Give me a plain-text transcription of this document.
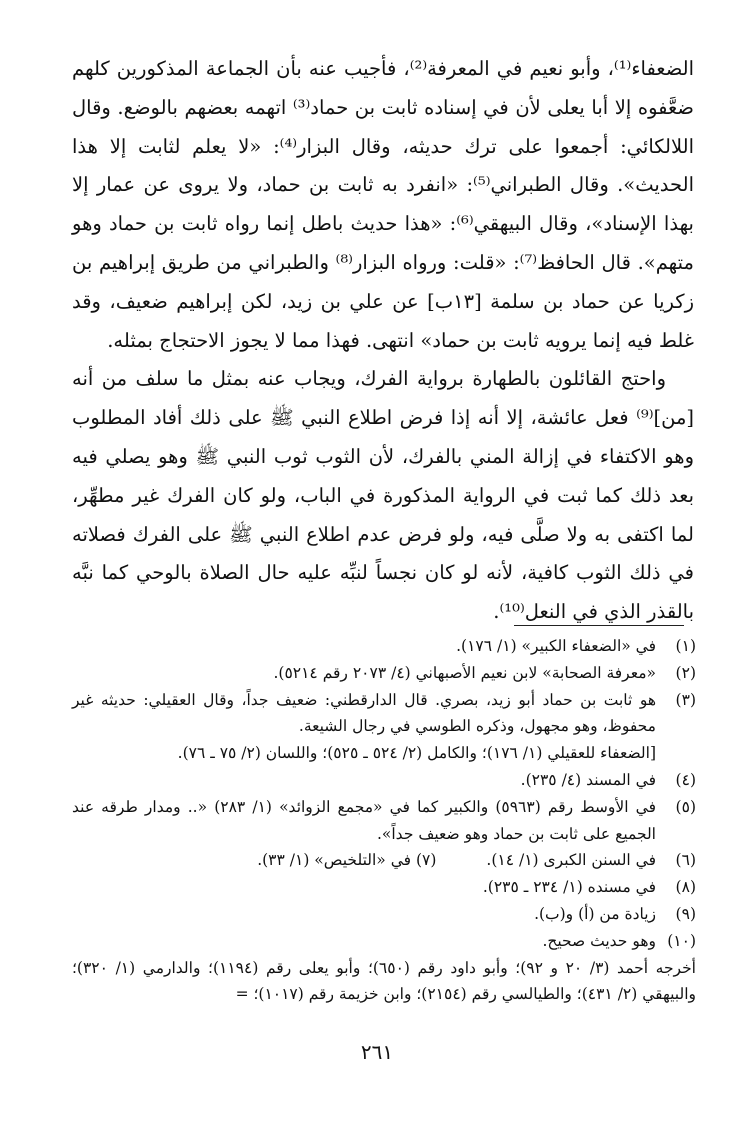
الضعفاء⁽¹⁾، وأبو نعيم في المعرفة⁽²⁾، فأجيب عنه بأن الجماعة المذكورين كلهم ضعَّفوه إلا أبا يعلى لأن في إسناده ثابت بن حماد⁽³⁾ اتهمه بعضهم بالوضع. وقال اللالكائي: أجمعوا على ترك حديثه، وقال البزار⁽⁴⁾: «لا يعلم لثابت إلا هذا الحديث». وقال الطبراني⁽⁵⁾: «انفرد به ثابت بن حماد، ولا يروى عن عمار إلا بهذا الإسناد»، وقال البيهقي⁽⁶⁾: «هذا حديث باطل إنما رواه ثابت بن حماد وهو متهم». قال الحافظ⁽⁷⁾: «قلت: ورواه البزار⁽⁸⁾ والطبراني من طريق إبراهيم بن زكريا عن حماد بن سلمة [١٣ب] عن علي بن زيد، لكن إبراهيم ضعيف، وقد غلط فيه إنما يرويه ثابت بن حماد» انتهى. فهذا مما لا يجوز الاحتجاج بمثله.

واحتج القائلون بالطهارة برواية الفرك، ويجاب عنه بمثل ما سلف من أنه [من]⁽⁹⁾ فعل عائشة، إلا أنه إذا فرض اطلاع النبي ﷺ على ذلك أفاد المطلوب وهو الاكتفاء في إزالة المني بالفرك، لأن الثوب ثوب النبي ﷺ وهو يصلي فيه بعد ذلك كما ثبت في الرواية المذكورة في الباب، ولو كان الفرك غير مطهِّر، لما اكتفى به ولا صلَّى فيه، ولو فرض عدم اطلاع النبي ﷺ على الفرك فصلاته في ذلك الثوب كافية، لأنه لو كان نجساً لنبِّه عليه حال الصلاة بالوحي كما نبَّه بالقذر الذي في النعل⁽¹⁰⁾.

(١)
في «الضعفاء الكبير» (١/ ١٧٦).
(٢)
«معرفة الصحابة» لابن نعيم الأصبهاني (٤/ ٢٠٧٣ رقم ٥٢١٤).
(٣)
هو ثابت بن حماد أبو زيد، بصري. قال الدارقطني: ضعيف جداً، وقال العقيلي: حديثه غير محفوظ، وهو مجهول، وذكره الطوسي في رجال الشيعة.
[الضعفاء للعقيلي (١/ ١٧٦)؛ والكامل (٢/ ٥٢٤ ـ ٥٢٥)؛ واللسان (٢/ ٧٥ ـ ٧٦).
(٤)
في المسند (٤/ ٢٣٥).
(٥)
في الأوسط رقم (٥٩٦٣) والكبير كما في «مجمع الزوائد» (١/ ٢٨٣) «.. ومدار طرقه عند الجميع على ثابت بن حماد وهو ضعيف جداً».
(٦)
في السنن الكبرى (١/ ١٤).(٧) في «التلخيص» (١/ ٣٣).
(٨)
في مسنده (١/ ٢٣٤ ـ ٢٣٥).
(٩)
زيادة من (أ) و(ب).
(١٠)
وهو حديث صحيح.
أخرجه أحمد (٣/ ٢٠ و ٩٢)؛ وأبو داود رقم (٦٥٠)؛ وأبو يعلى رقم (١١٩٤)؛ والدارمي (١/ ٣٢٠)؛ والبيهقي (٢/ ٤٣١)؛ والطيالسي رقم (٢١٥٤)؛ وابن خزيمة رقم (١٠١٧)؛ =
٢٦١
